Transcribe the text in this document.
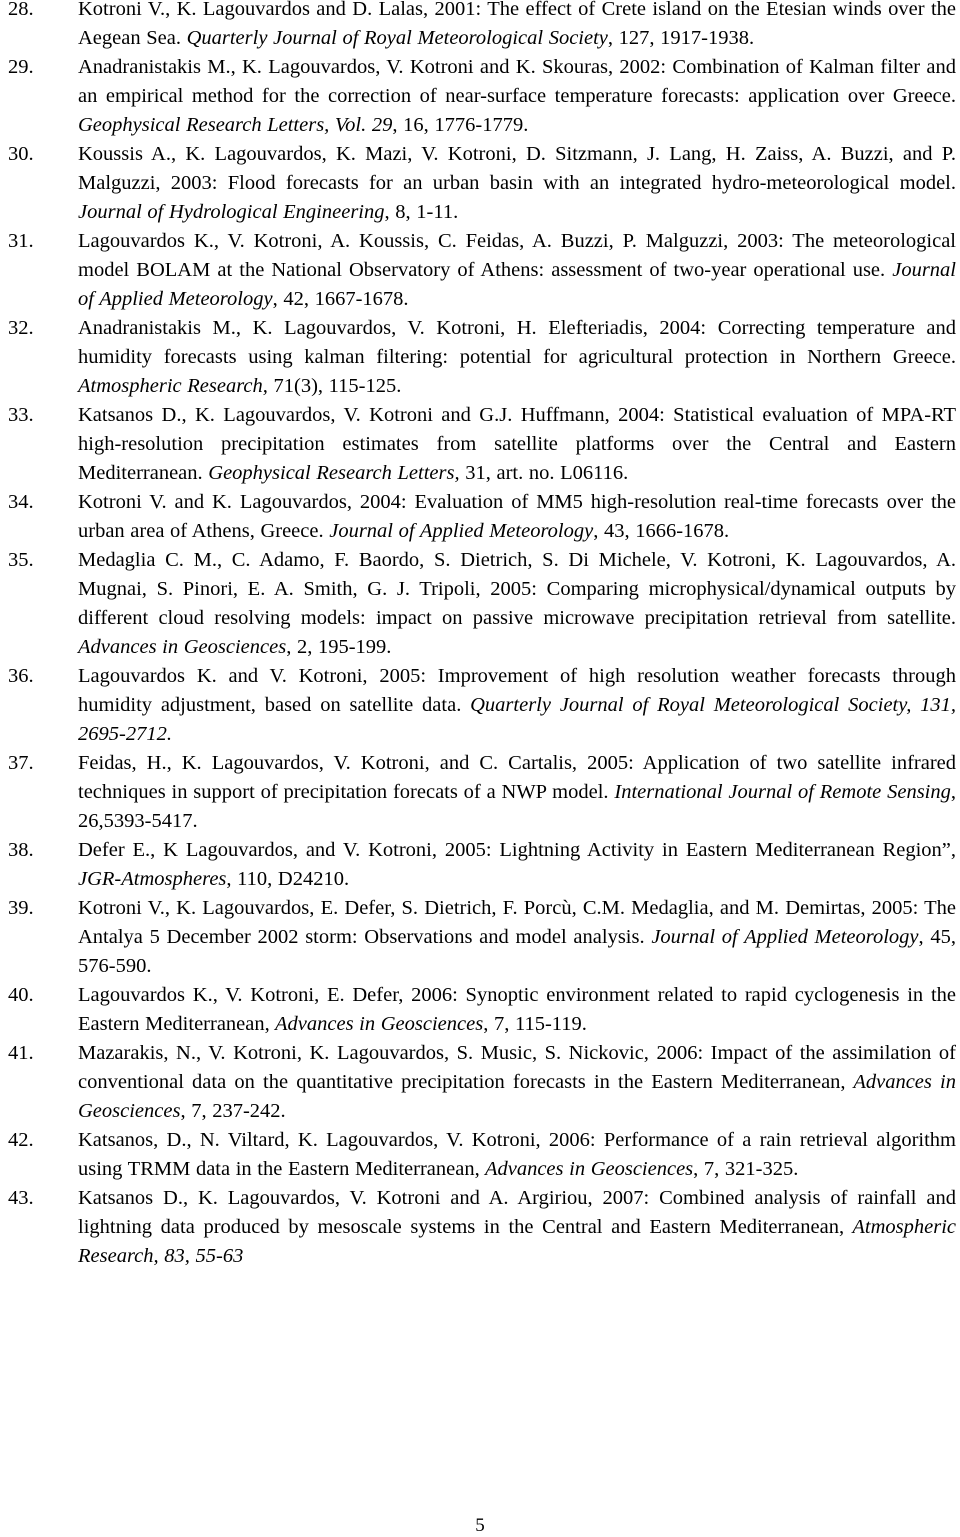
28. Kotroni V., K. Lagouvardos and D. Lalas, 2001: The effect of Crete island on the Etesian winds over the Aegean Sea. Quarterly Journal of Royal Meteorological Society, 127, 1917-1938.
29. Anadranistakis M., K. Lagouvardos, V. Kotroni and K. Skouras, 2002: Combination of Kalman filter and an empirical method for the correction of near-surface temperature forecasts: application over Greece. Geophysical Research Letters, Vol. 29, 16, 1776-1779.
30. Koussis A., K. Lagouvardos, K. Mazi, V. Kotroni, D. Sitzmann, J. Lang, H. Zaiss, A. Buzzi, and P. Malguzzi, 2003: Flood forecasts for an urban basin with an integrated hydro-meteorological model. Journal of Hydrological Engineering, 8, 1-11.
31. Lagouvardos K., V. Kotroni, A. Koussis, C. Feidas, A. Buzzi, P. Malguzzi, 2003: The meteorological model BOLAM at the National Observatory of Athens: assessment of two-year operational use. Journal of Applied Meteorology, 42, 1667-1678.
32. Anadranistakis M., K. Lagouvardos, V. Kotroni, H. Elefteriadis, 2004: Correcting temperature and humidity forecasts using kalman filtering: potential for agricultural protection in Northern Greece. Atmospheric Research, 71(3), 115-125.
33. Katsanos D., K. Lagouvardos, V. Kotroni and G.J. Huffmann, 2004: Statistical evaluation of MPA-RT high-resolution precipitation estimates from satellite platforms over the Central and Eastern Mediterranean. Geophysical Research Letters, 31, art. no. L06116.
34. Kotroni V. and K. Lagouvardos, 2004: Evaluation of MM5 high-resolution real-time forecasts over the urban area of Athens, Greece. Journal of Applied Meteorology, 43, 1666-1678.
35. Medaglia C. M., C. Adamo, F. Baordo, S. Dietrich, S. Di Michele, V. Kotroni, K. Lagouvardos, A. Mugnai, S. Pinori, E. A. Smith, G. J. Tripoli, 2005: Comparing microphysical/dynamical outputs by different cloud resolving models: impact on passive microwave precipitation retrieval from satellite. Advances in Geosciences, 2, 195-199.
36. Lagouvardos K. and V. Kotroni, 2005: Improvement of high resolution weather forecasts through humidity adjustment, based on satellite data. Quarterly Journal of Royal Meteorological Society, 131, 2695-2712.
37. Feidas, H., K. Lagouvardos, V. Kotroni, and C. Cartalis, 2005: Application of two satellite infrared techniques in support of precipitation forecats of a NWP model. International Journal of Remote Sensing, 26,5393-5417.
38. Defer E., K Lagouvardos, and V. Kotroni, 2005: Lightning Activity in Eastern Mediterranean Region”, JGR-Atmospheres, 110, D24210.
39. Kotroni V., K. Lagouvardos, E. Defer, S. Dietrich, F. Porcù, C.M. Medaglia, and M. Demirtas, 2005: The Antalya 5 December 2002 storm: Observations and model analysis. Journal of Applied Meteorology, 45, 576-590.
40. Lagouvardos K., V. Kotroni, E. Defer, 2006: Synoptic environment related to rapid cyclogenesis in the Eastern Mediterranean, Advances in Geosciences, 7, 115-119.
41. Mazarakis, N., V. Kotroni, K. Lagouvardos, S. Music, S. Nickovic, 2006: Impact of the assimilation of conventional data on the quantitative precipitation forecasts in the Eastern Mediterranean, Advances in Geosciences, 7, 237-242.
42. Katsanos, D., N. Viltard, K. Lagouvardos, V. Kotroni, 2006: Performance of a rain retrieval algorithm using TRMM data in the Eastern Mediterranean, Advances in Geosciences, 7, 321-325.
43. Katsanos D., K. Lagouvardos, V. Kotroni and A. Argiriou, 2007: Combined analysis of rainfall and lightning data produced by mesoscale systems in the Central and Eastern Mediterranean, Atmospheric Research, 83, 55-63
5
